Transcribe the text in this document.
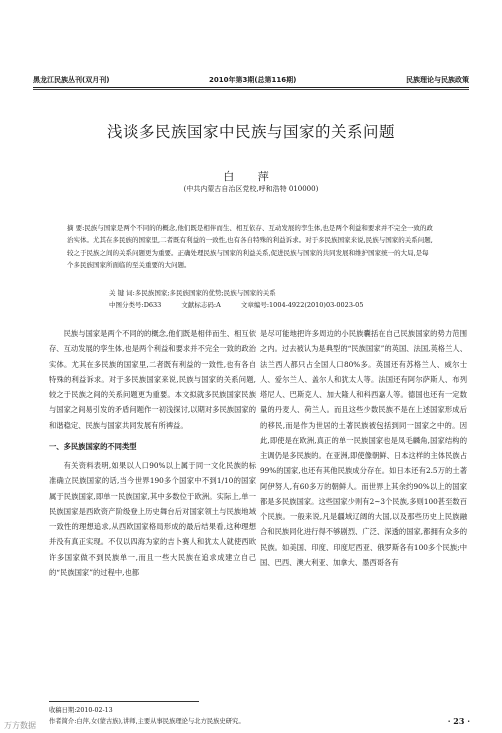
黑龙江民族丛刊(双月刊)	2010年第3期(总第116期)	民族理论与民族政策
浅谈多民族国家中民族与国家的关系问题
白 萍
(中共内蒙古自治区党校,呼和浩特 010000)
摘 要:民族与国家是两个不同的的概念,他们既是相伴而生、相互依存、互动发展的孪生体,也是两个利益和要求并不完全一致的政治实体。尤其在多民族的国家里,二者既有利益的一致性,也有各自特殊的利益诉求。对于多民族国家来说,民族与国家的关系问题,较之于民族之间的关系问题更为重要。正确处理民族与国家的利益关系,促进民族与国家的共同发展和维护国家统一的大局,是每个多民族国家所面临的至关重要的大问题。
关 键 词:多民族国家;多民族国家的优势;民族与国家的关系
中图分类号:D633	文献标志码:A	文章编号:1004-4922(2010)03-0023-05

民族与国家是两个不同的的概念,他们既是相伴而生、相互依存、互动发展的孪生体,也是两个利益和要求并不完全一致的政治实体。尤其在多民族的国家里,二者既有利益的一致性,也有各自特殊的利益诉求。对于多民族国家来说,民族与国家的关系问题,较之于民族之间的关系问题更为重要。本文拟就多民族国家民族与国家之间易引发的矛盾问题作一初浅探讨,以期对多民族国家的和谐稳定、民族与国家共同发展有所裨益。

一、多民族国家的不同类型

有关资料表明,如果以人口90%以上属于同一文化民族的标准确立民族国家的话,当今世界190多个国家中不到1/10的国家属于民族国家,即单一民族国家,其中多数位于欧洲。实际上,单一民族国家是西欧资产阶级登上历史舞台后对国家领土与民族地域一致性的理想追求,从西欧国家格局形成的最后结果看,这种理想并没有真正实现。不仅以四海为家的吉卜赛人和犹太人就使西欧许多国家做不到民族单一,而且一些大民族在追求成建立自己的“民族国家”的过程中,也都

是尽可能地把许多周边的小民族囊括在自己民族国家的势力范围之内。过去被认为是典型的“民族国家”的英国、法国,英格兰人、法兰西人都只占全国人口80%多。英国还有苏格兰人、威尔士人、爱尔兰人、盖尔人和犹太人等。法国还有阿尔萨斯人、布列塔尼人、巴斯克人、加大隆人和科西嘉人等。德国也还有一定数量的丹麦人、荷兰人。而且这些少数民族不是在上述国家形成后的移民,而是作为世居的土著民族被包括到同一国家之中的。因此,即使是在欧洲,真正的单一民族国家也是凤毛麟角,国家结构的主调仍是多民族的。在亚洲,即使像朝鲜、日本这样的主体民族占99%的国家,也还有其他民族成分存在。如日本还有2.5万的土著阿伊努人,有60多万的朝鲜人。而世界上其余约90%以上的国家都是多民族国家。这些国家少则有2~3个民族,多则100甚至数百个民族。一般来说,凡是疆域辽阔的大国,以及那些历史上民族融合和民族同化进行得不够剧烈、广泛、深透的国家,都拥有众多的民族。如美国、印度、印度尼西亚、俄罗斯各有100多个民族;中国、巴西、澳大利亚、加拿大、墨西哥各有

收稿日期:2010-02-13
作者简介:白萍,女(蒙古族),讲师,主要从事民族理论与北方民族史研究。	· 23 ·
万方数据
